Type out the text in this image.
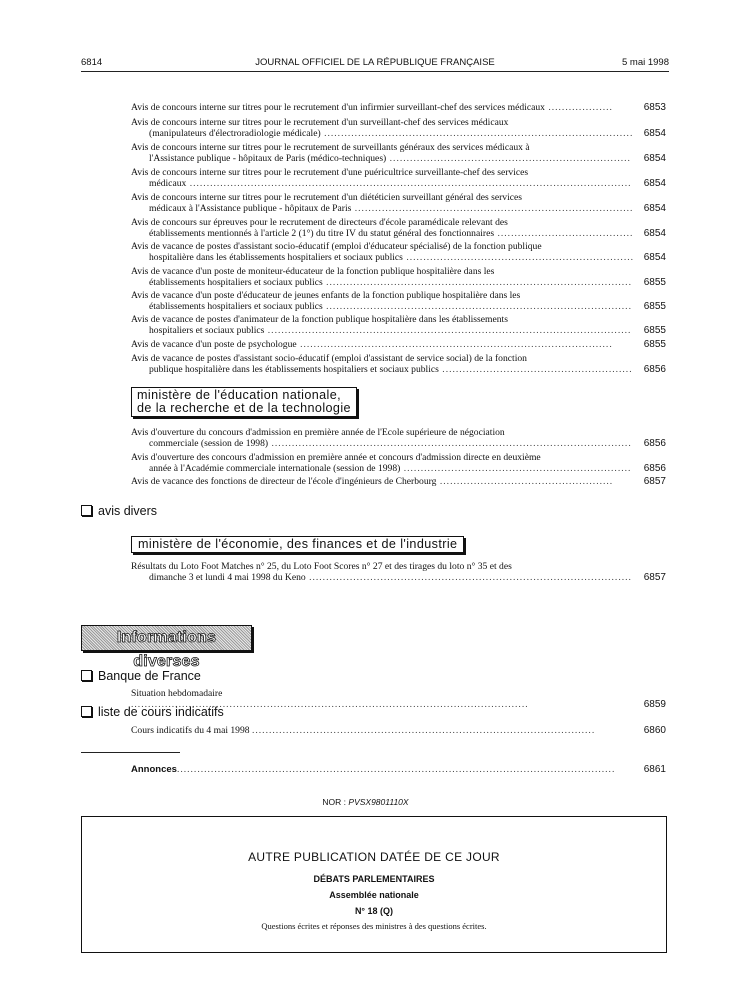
6814	JOURNAL OFFICIEL DE LA RÉPUBLIQUE FRANÇAISE	5 mai 1998
Avis de concours interne sur titres pour le recrutement d'un infirmier surveillant-chef des services médicaux ...................	6853
Avis de concours interne sur titres pour le recrutement d'un surveillant-chef des services médicaux
(manipulateurs d'électroradiologie médicale) ........................................................................................... 6854
Avis de concours interne sur titres pour le recrutement de surveillants généraux des services médicaux à
l'Assistance publique - hôpitaux de Paris (médico-techniques) .......................................................................	6854
Avis de concours interne sur titres pour le recrutement d'une puéricultrice surveillante-chef des services
médicaux .................................................................................................................................. 6854
Avis de concours interne sur titres pour le recrutement d'un diététicien surveillant général des services
médicaux à l'Assistance publique - hôpitaux de Paris .................................................................................. 6854
Avis de concours sur épreuves pour le recrutement de directeurs d'école paramédicale relevant des
établissements mentionnés à l'article 2 (1°) du titre IV du statut général des fonctionnaires ........................................ 6854
Avis de vacance de postes d'assistant socio-éducatif (emploi d'éducateur spécialisé) de la fonction publique
hospitalière dans les établissements hospitaliers et sociaux publics ................................................................... 6854
Avis de vacance d'un poste de moniteur-éducateur de la fonction publique hospitalière dans les
établissements hospitaliers et sociaux publics .......................................................................................... 6855
Avis de vacance d'un poste d'éducateur de jeunes enfants de la fonction publique hospitalière dans les
établissements hospitaliers et sociaux publics .......................................................................................... 6855
Avis de vacance de postes d'animateur de la fonction publique hospitalière dans les établissements
hospitaliers et sociaux publics ........................................................................................................... 6855
Avis de vacance d'un poste de psychologue ............................................................................................	6855
Avis de vacance de postes d'assistant socio-éducatif (emploi d'assistant de service social) de la fonction
publique hospitalière dans les établissements hospitaliers et sociaux publics ........................................................ 6856
ministère de l'éducation nationale,
de la recherche et de la technologie
Avis d'ouverture du concours d'admission en première année de l'Ecole supérieure de négociation
commerciale (session de 1998) .......................................................................................................... 6856
Avis d'ouverture des concours d'admission en première année et concours d'admission directe en deuxième
année à l'Académie commerciale internationale (session de 1998) ................................................................... 6856
Avis de vacance des fonctions de directeur de l'école d'ingénieurs de Cherbourg ...................................................	6857
avis divers
ministère de l'économie, des finances et de l'industrie
Résultats du Loto Foot Matches n° 25, du Loto Foot Scores n° 27 et des tirages du loto n° 35 et des
dimanche 3 et lundi 4 mai 1998 du Keno ............................................................................................... 6857
Informations diverses
Banque de France
Situation hebdomadaire .....................................................................................................................	6859
liste de cours indicatifs
Cours indicatifs du 4 mai 1998 .....................................................................................................	6860
Annonces.................................................................................................................................	6861
NOR : PVSX9801110X
AUTRE PUBLICATION DATÉE DE CE JOUR
DÉBATS PARLEMENTAIRES
Assemblée nationale
N° 18 (Q)
Questions écrites et réponses des ministres à des questions écrites.
